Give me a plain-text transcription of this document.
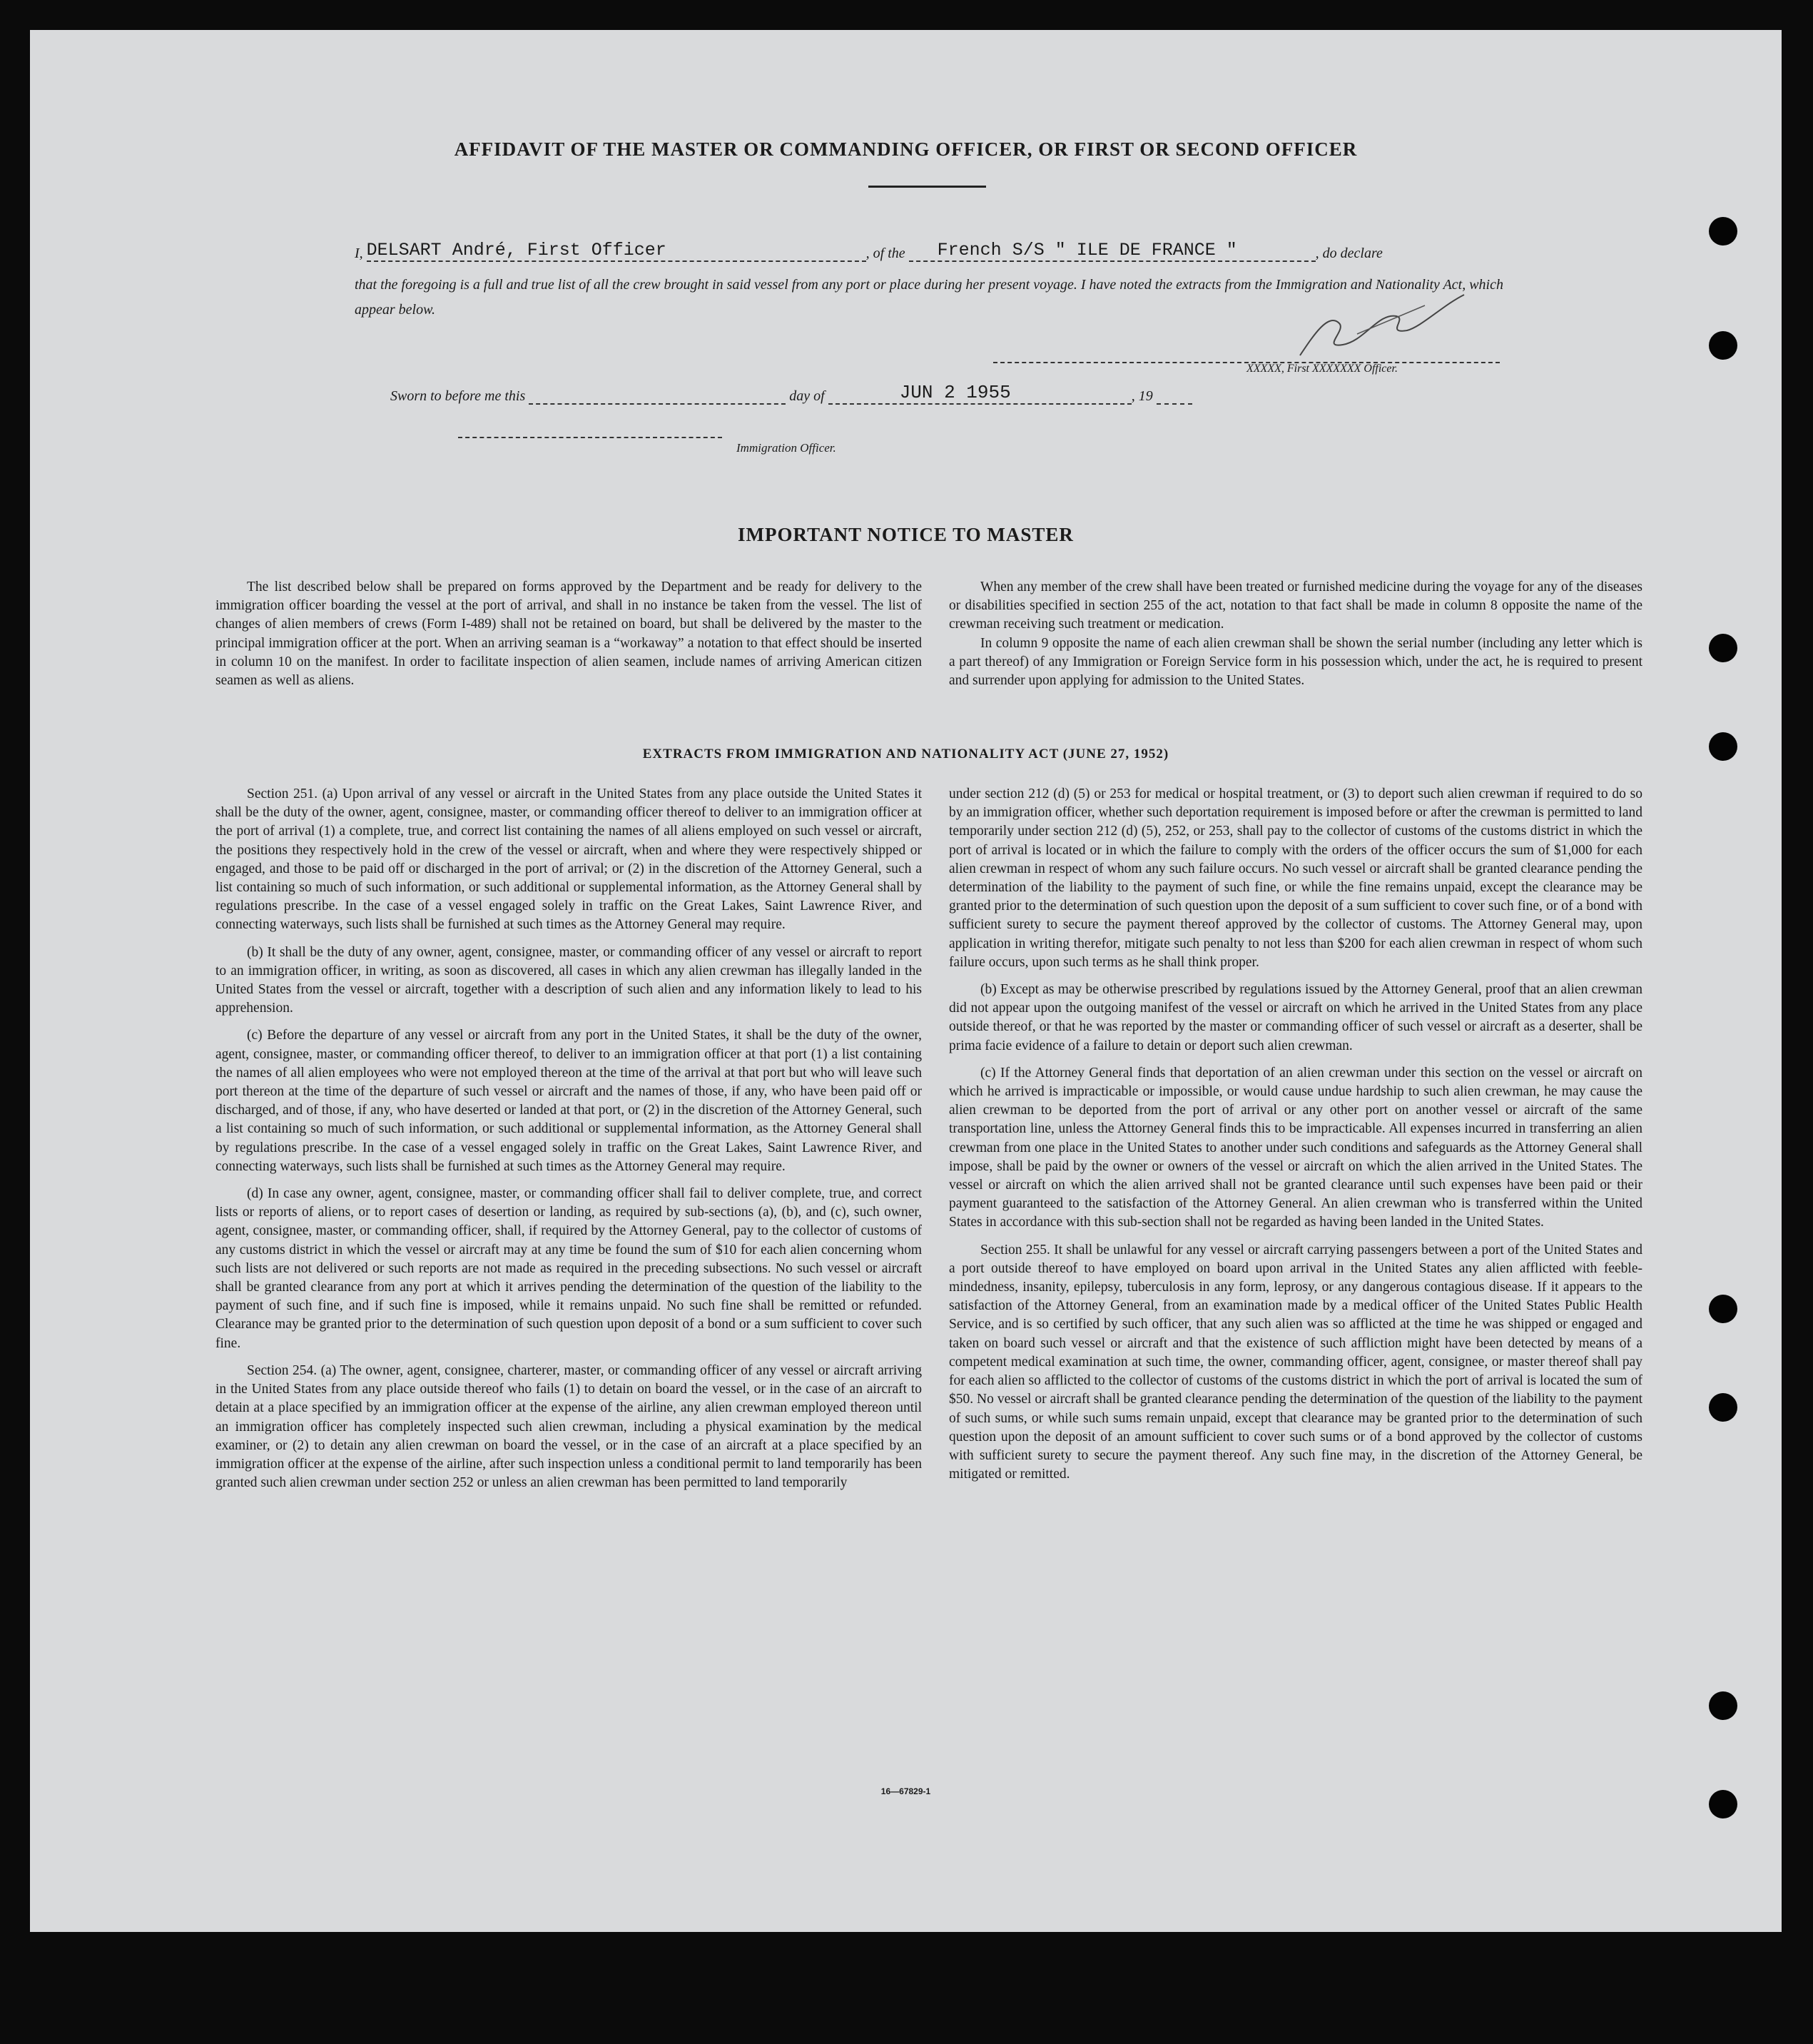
AFFIDAVIT OF THE MASTER OR COMMANDING OFFICER, OR FIRST OR SECOND OFFICER
I, DELSART André, First Officer	, of the French S/S " ILE DE FRANCE "	, do declare
that the foregoing is a full and true list of all the crew brought in said vessel from any port or place during her present voyage. I have noted the extracts from the Immigration and Nationality Act, which appear below.
XXXXX, First XXXXXXX Officer.
Sworn to before me this	day of	JUN 2 1955	, 19
Immigration Officer.
IMPORTANT NOTICE TO MASTER

The list described below shall be prepared on forms approved by the Department and be ready for delivery to the immigration officer boarding the vessel at the port of arrival, and shall in no instance be taken from the vessel. The list of changes of alien members of crews (Form I-489) shall not be retained on board, but shall be delivered by the master to the principal immigration officer at the port. When an arriving seaman is a “workaway” a notation to that effect should be inserted in column 10 on the manifest. In order to facilitate inspection of alien seamen, include names of arriving American citizen seamen as well as aliens.

When any member of the crew shall have been treated or furnished medicine during the voyage for any of the diseases or disabilities specified in section 255 of the act, notation to that fact shall be made in column 8 opposite the name of the crewman receiving such treatment or medication.

In column 9 opposite the name of each alien crewman shall be shown the serial number (including any letter which is a part thereof) of any Immigration or Foreign Service form in his possession which, under the act, he is required to present and surrender upon applying for admission to the United States.

EXTRACTS FROM IMMIGRATION AND NATIONALITY ACT (JUNE 27, 1952)

Section 251. (a) Upon arrival of any vessel or aircraft in the United States from any place outside the United States it shall be the duty of the owner, agent, consignee, master, or commanding officer thereof to deliver to an immigration officer at the port of arrival (1) a complete, true, and correct list containing the names of all aliens employed on such vessel or aircraft, the positions they respectively hold in the crew of the vessel or aircraft, when and where they were respectively shipped or engaged, and those to be paid off or discharged in the port of arrival; or (2) in the discretion of the Attorney General, such a list containing so much of such information, or such additional or supplemental information, as the Attorney General shall by regulations prescribe. In the case of a vessel engaged solely in traffic on the Great Lakes, Saint Lawrence River, and connecting waterways, such lists shall be furnished at such times as the Attorney General may require.

(b) It shall be the duty of any owner, agent, consignee, master, or commanding officer of any vessel or aircraft to report to an immigration officer, in writing, as soon as discovered, all cases in which any alien crewman has illegally landed in the United States from the vessel or aircraft, together with a description of such alien and any information likely to lead to his apprehension.

(c) Before the departure of any vessel or aircraft from any port in the United States, it shall be the duty of the owner, agent, consignee, master, or commanding officer thereof, to deliver to an immigration officer at that port (1) a list containing the names of all alien employees who were not employed thereon at the time of the arrival at that port but who will leave such port thereon at the time of the departure of such vessel or aircraft and the names of those, if any, who have been paid off or discharged, and of those, if any, who have deserted or landed at that port, or (2) in the discretion of the Attorney General, such a list containing so much of such information, or such additional or supplemental information, as the Attorney General shall by regulations prescribe. In the case of a vessel engaged solely in traffic on the Great Lakes, Saint Lawrence River, and connecting waterways, such lists shall be furnished at such times as the Attorney General may require.

(d) In case any owner, agent, consignee, master, or commanding officer shall fail to deliver complete, true, and correct lists or reports of aliens, or to report cases of desertion or landing, as required by sub-sections (a), (b), and (c), such owner, agent, consignee, master, or commanding officer, shall, if required by the Attorney General, pay to the collector of customs of any customs district in which the vessel or aircraft may at any time be found the sum of $10 for each alien concerning whom such lists are not delivered or such reports are not made as required in the preceding subsections. No such vessel or aircraft shall be granted clearance from any port at which it arrives pending the determination of the question of the liability to the payment of such fine, and if such fine is imposed, while it remains unpaid. No such fine shall be remitted or refunded. Clearance may be granted prior to the determination of such question upon deposit of a bond or a sum sufficient to cover such fine.

Section 254. (a) The owner, agent, consignee, charterer, master, or commanding officer of any vessel or aircraft arriving in the United States from any place outside thereof who fails (1) to detain on board the vessel, or in the case of an aircraft to detain at a place specified by an immigration officer at the expense of the airline, any alien crewman employed thereon until an immigration officer has completely inspected such alien crewman, including a physical examination by the medical examiner, or (2) to detain any alien crewman on board the vessel, or in the case of an aircraft at a place specified by an immigration officer at the expense of the airline, after such inspection unless a conditional permit to land temporarily has been granted such alien crewman under section 252 or unless an alien crewman has been permitted to land temporarily

under section 212 (d) (5) or 253 for medical or hospital treatment, or (3) to deport such alien crewman if required to do so by an immigration officer, whether such deportation requirement is imposed before or after the crewman is permitted to land temporarily under section 212 (d) (5), 252, or 253, shall pay to the collector of customs of the customs district in which the port of arrival is located or in which the failure to comply with the orders of the officer occurs the sum of $1,000 for each alien crewman in respect of whom any such failure occurs. No such vessel or aircraft shall be granted clearance pending the determination of the liability to the payment of such fine, or while the fine remains unpaid, except the clearance may be granted prior to the determination of such question upon the deposit of a sum sufficient to cover such fine, or of a bond with sufficient surety to secure the payment thereof approved by the collector of customs. The Attorney General may, upon application in writing therefor, mitigate such penalty to not less than $200 for each alien crewman in respect of whom such failure occurs, upon such terms as he shall think proper.

(b) Except as may be otherwise prescribed by regulations issued by the Attorney General, proof that an alien crewman did not appear upon the outgoing manifest of the vessel or aircraft on which he arrived in the United States from any place outside thereof, or that he was reported by the master or commanding officer of such vessel or aircraft as a deserter, shall be prima facie evidence of a failure to detain or deport such alien crewman.

(c) If the Attorney General finds that deportation of an alien crewman under this section on the vessel or aircraft on which he arrived is impracticable or impossible, or would cause undue hardship to such alien crewman, he may cause the alien crewman to be deported from the port of arrival or any other port on another vessel or aircraft of the same transportation line, unless the Attorney General finds this to be impracticable. All expenses incurred in transferring an alien crewman from one place in the United States to another under such conditions and safeguards as the Attorney General shall impose, shall be paid by the owner or owners of the vessel or aircraft on which the alien arrived in the United States. The vessel or aircraft on which the alien arrived shall not be granted clearance until such expenses have been paid or their payment guaranteed to the satisfaction of the Attorney General. An alien crewman who is transferred within the United States in accordance with this sub-section shall not be regarded as having been landed in the United States.

Section 255. It shall be unlawful for any vessel or aircraft carrying passengers between a port of the United States and a port outside thereof to have employed on board upon arrival in the United States any alien afflicted with feeble-mindedness, insanity, epilepsy, tuberculosis in any form, leprosy, or any dangerous contagious disease. If it appears to the satisfaction of the Attorney General, from an examination made by a medical officer of the United States Public Health Service, and is so certified by such officer, that any such alien was so afflicted at the time he was shipped or engaged and taken on board such vessel or aircraft and that the existence of such affliction might have been detected by means of a competent medical examination at such time, the owner, commanding officer, agent, consignee, or master thereof shall pay for each alien so afflicted to the collector of customs of the customs district in which the port of arrival is located the sum of $50. No vessel or aircraft shall be granted clearance pending the determination of the question of the liability to the payment of such sums, or while such sums remain unpaid, except that clearance may be granted prior to the determination of such question upon the deposit of an amount sufficient to cover such sums or of a bond approved by the collector of customs with sufficient surety to secure the payment thereof. Any such fine may, in the discretion of the Attorney General, be mitigated or remitted.

16—67829-1
